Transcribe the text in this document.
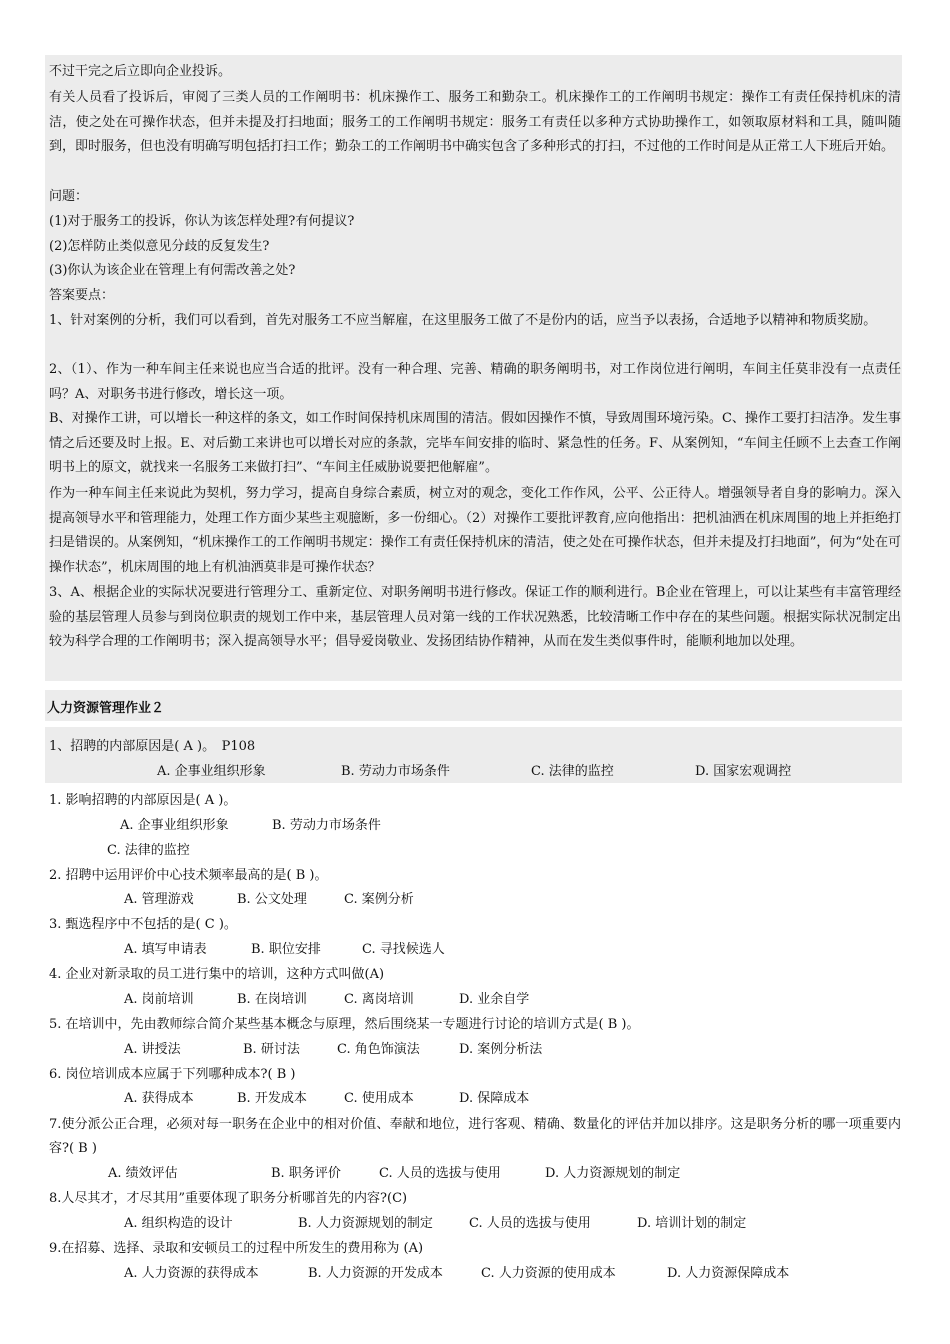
不过干完之后立即向企业投诉。

有关人员看了投诉后，审阅了三类人员的工作阐明书：机床操作工、服务工和勤杂工。机床操作工的工作阐明书规定：操作工有责任保持机床的清洁，使之处在可操作状态，但并未提及打扫地面；服务工的工作阐明书规定：服务工有责任以多种方式协助操作工，如领取原材料和工具，随叫随到，即时服务，但也没有明确写明包括打扫工作；勤杂工的工作阐明书中确实包含了多种形式的打扫，不过他的工作时间是从正常工人下班后开始。

问题：

(1)对于服务工的投诉，你认为该怎样处理?有何提议?

(2)怎样防止类似意见分歧的反复发生?

(3)你认为该企业在管理上有何需改善之处?

答案要点：

1、针对案例的分析，我们可以看到，首先对服务工不应当解雇，在这里服务工做了不是份内的话，应当予以表扬，合适地予以精神和物质奖励。

2、（1）、作为一种车间主任来说也应当合适的批评。没有一种合理、完善、精确的职务阐明书，对工作岗位进行阐明，车间主任莫非没有一点责任吗？A、对职务书进行修改，增长这一项。

B、对操作工讲，可以增长一种这样的条文，如工作时间保持机床周围的清洁。假如因操作不慎，导致周围环境污染。C、操作工要打扫洁净。发生事情之后还要及时上报。E、对后勤工来讲也可以增长对应的条款，完毕车间安排的临时、紧急性的任务。F、从案例知，“车间主任顾不上去查工作阐明书上的原文，就找来一名服务工来做打扫”、“车间主任威胁说要把他解雇”。

作为一种车间主任来说此为契机，努力学习，提高自身综合素质，树立对的观念，变化工作作风，公平、公正待人。增强领导者自身的影响力。深入提高领导水平和管理能力，处理工作方面少某些主观臆断，多一份细心。（2）对操作工要批评教育,应向他指出：把机油洒在机床周围的地上并拒绝打扫是错误的。从案例知，“机床操作工的工作阐明书规定：操作工有责任保持机床的清洁，使之处在可操作状态，但并未提及打扫地面”，何为“处在可操作状态”，机床周围的地上有机油洒莫非是可操作状态？

3、A、根据企业的实际状况要进行管理分工、重新定位、对职务阐明书进行修改。保证工作的顺利进行。B企业在管理上，可以让某些有丰富管理经验的基层管理人员参与到岗位职责的规划工作中来，基层管理人员对第一线的工作状况熟悉，比较清晰工作中存在的某些问题。根据实际状况制定出较为科学合理的工作阐明书；深入提高领导水平；倡导爱岗敬业、发扬团结协作精神，从而在发生类似事件时，能顺利地加以处理。

人力资源管理作业２
1、招聘的内部原因是( A )。　P108
A. 企事业组织形象	B. 劳动力市场条件	C. 法律的监控	D. 国家宏观调控
1. 影响招聘的内部原因是( A )。
A. 企事业组织形象	B. 劳动力市场条件
C. 法律的监控
2. 招聘中运用评价中心技术频率最高的是( B )。
A. 管理游戏	B. 公文处理	C. 案例分析
3. 甄选程序中不包括的是( C )。
A. 填写申请表	B. 职位安排	C. 寻找候选人
4. 企业对新录取的员工进行集中的培训，这种方式叫做(A)
A. 岗前培训	B. 在岗培训	C. 离岗培训	D. 业余自学
5. 在培训中，先由教师综合简介某些基本概念与原理，然后围绕某一专题进行讨论的培训方式是( B )。
A. 讲授法	B. 研讨法	C. 角色饰演法	D. 案例分析法
6. 岗位培训成本应属于下列哪种成本?( B )
A. 获得成本	B. 开发成本	C. 使用成本	D. 保障成本
7.使分派公正合理，必须对每一职务在企业中的相对价值、奉献和地位，进行客观、精确、数量化的评估并加以排序。这是职务分析的哪一项重要内容?( B )
A. 绩效评估	B. 职务评价	C. 人员的选拔与使用	D. 人力资源规划的制定
8.人尽其才，才尽其用”重要体现了职务分析哪首先的内容?(C)
A. 组织构造的设计	B. 人力资源规划的制定	C. 人员的选拔与使用	D. 培训计划的制定
9.在招募、选择、录取和安顿员工的过程中所发生的费用称为 (A)
A. 人力资源的获得成本	B. 人力资源的开发成本	C. 人力资源的使用成本	D. 人力资源保障成本
